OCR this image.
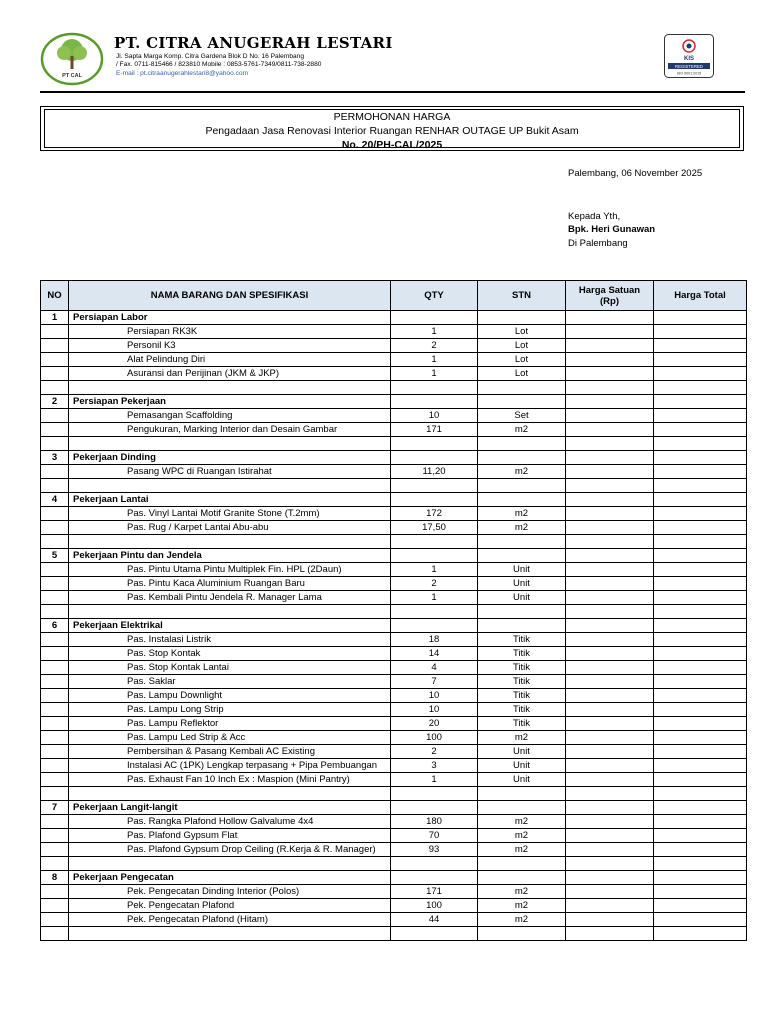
PT CAL
PT. CITRA ANUGERAH LESTARI
Jl. Sapta Marga Komp. Citra Gardena Blok D No. 16 Palembang
/ Fax. 0711-815466 / 823810 Mobile : 0853-5761-7349/0811-738-2880
E-mail : pt.citraanugerahlestari8@yahoo.com
KIS
REGISTERED
ISO 9001:2015
PERMOHONAN HARGA
Pengadaan Jasa Renovasi Interior Ruangan RENHAR OUTAGE UP Bukit Asam
No. 20/PH-CAL/2025
Palembang, 06 November 2025
Kepada Yth,
Bpk. Heri Gunawan
Di Palembang
NO	NAMA BARANG DAN SPESIFIKASI	QTY	STN	Harga Satuan (Rp)	Harga Total
1	Persiapan Labor				
	Persiapan RK3K	1	Lot		
	Personil K3	2	Lot		
	Alat Pelindung Diri	1	Lot		
	Asuransi dan Perijinan (JKM & JKP)	1	Lot		

2	Persiapan Pekerjaan				
	Pemasangan Scaffolding	10	Set		
	Pengukuran, Marking Interior dan Desain Gambar	171	m2		

3	Pekerjaan Dinding				
	Pasang WPC di Ruangan Istirahat	11,20	m2		

4	Pekerjaan Lantai				
	Pas. Vinyl Lantai Motif Granite Stone (T.2mm)	172	m2		
	Pas. Rug / Karpet Lantai Abu-abu	17,50	m2		

5	Pekerjaan Pintu dan Jendela				
	Pas. Pintu Utama Pintu Multiplek Fin. HPL (2Daun)	1	Unit		
	Pas. Pintu Kaca Aluminium Ruangan Baru	2	Unit		
	Pas. Kembali Pintu Jendela R. Manager Lama	1	Unit		

6	Pekerjaan Elektrikal				
	Pas. Instalasi Listrik	18	Titik		
	Pas. Stop Kontak	14	Titik		
	Pas. Stop Kontak Lantai	4	Titik		
	Pas. Saklar	7	Titik		
	Pas. Lampu Downlight	10	Titik		
	Pas. Lampu Long Strip	10	Titik		
	Pas. Lampu Reflektor	20	Titik		
	Pas. Lampu Led Strip & Acc	100	m2		
	Pembersihan & Pasang Kembali AC Existing	2	Unit		
	Instalasi AC (1PK) Lengkap terpasang + Pipa Pembuangan	3	Unit		
	Pas. Exhaust Fan 10 Inch Ex : Maspion (Mini Pantry)	1	Unit		

7	Pekerjaan Langit-langit				
	Pas. Rangka Plafond Hollow Galvalume 4x4	180	m2		
	Pas. Plafond Gypsum Flat	70	m2		
	Pas. Plafond Gypsum Drop Ceiling (R.Kerja & R. Manager)	93	m2		

8	Pekerjaan Pengecatan				
	Pek. Pengecatan Dinding Interior (Polos)	171	m2		
	Pek. Pengecatan Plafond	100	m2		
	Pek. Pengecatan Plafond (Hitam)	44	m2		
